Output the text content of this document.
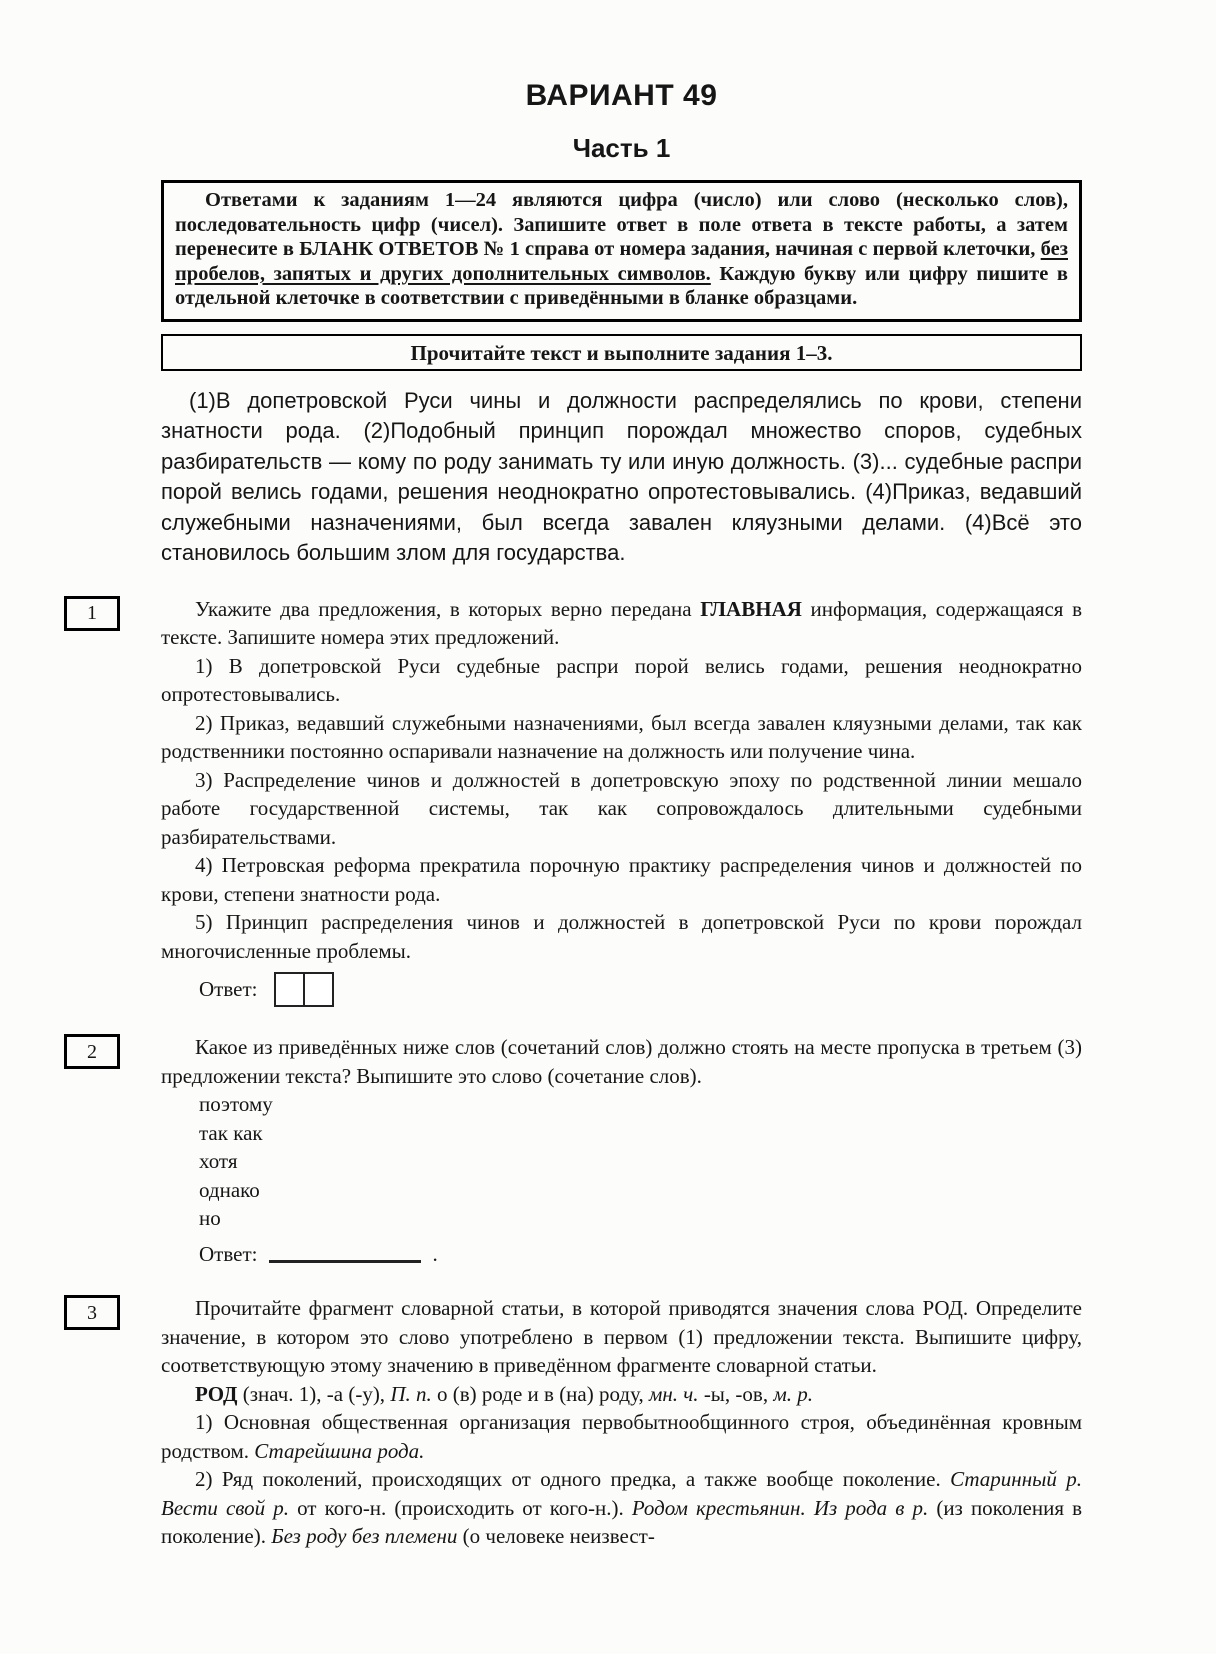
ВАРИАНТ 49
Часть 1

Ответами к заданиям 1—24 являются цифра (число) или слово (несколько слов), последовательность цифр (чисел). Запишите ответ в поле ответа в тексте работы, а затем перенесите в БЛАНК ОТВЕТОВ № 1 справа от номера задания, начиная с первой клеточки, без пробелов, запятых и других дополнительных символов. Каждую букву или цифру пишите в отдельной клеточке в соответствии с приведёнными в бланке образцами.

Прочитайте текст и выполните задания 1–3.

(1)В допетровской Руси чины и должности распределялись по крови, степени знатности рода. (2)Подобный принцип порождал множество споров, судебных разбирательств — кому по роду занимать ту или иную должность. (3)... судебные распри порой велись годами, решения неоднократно опротестовывались. (4)Приказ, ведавший служебными назначениями, был всегда завален кляузными делами. (4)Всё это становилось большим злом для государства.

1	Укажите два предложения, в которых верно передана ГЛАВНАЯ информация, содержащаяся в тексте. Запишите номера этих предложений.

1) В допетровской Руси судебные распри порой велись годами, решения неоднократно опротестовывались.

2) Приказ, ведавший служебными назначениями, был всегда завален кляузными делами, так как родственники постоянно оспаривали назначение на должность или получение чина.

3) Распределение чинов и должностей в допетровскую эпоху по родственной линии мешало работе государственной системы, так как сопровождалось длительными судебными разбирательствами.

4) Петровская реформа прекратила порочную практику распределения чинов и должностей по крови, степени знатности рода.

5) Принцип распределения чинов и должностей в допетровской Руси по крови порождал многочисленные проблемы.

Ответ:
2	Какое из приведённых ниже слов (сочетаний слов) должно стоять на месте пропуска в третьем (3) предложении текста? Выпишите это слово (сочетание слов).

поэтому

так как

хотя

однако

но

Ответ:	.
3	Прочитайте фрагмент словарной статьи, в которой приводятся значения слова РОД. Определите значение, в котором это слово употреблено в первом (1) предложении текста. Выпишите цифру, соответствующую этому значению в приведённом фрагменте словарной статьи.

РОД (знач. 1), -а (-у), П. п. о (в) роде и в (на) роду, мн. ч. -ы, -ов, м. р.

1) Основная общественная организация первобытнообщинного строя, объединённая кровным родством. Старейшина рода.

2) Ряд поколений, происходящих от одного предка, а также вообще поколение. Старинный р. Вести свой р. от кого-н. (происходить от кого-н.). Родом крестьянин. Из рода в р. (из поколения в поколение). Без роду без племени (о человеке неизвест-
